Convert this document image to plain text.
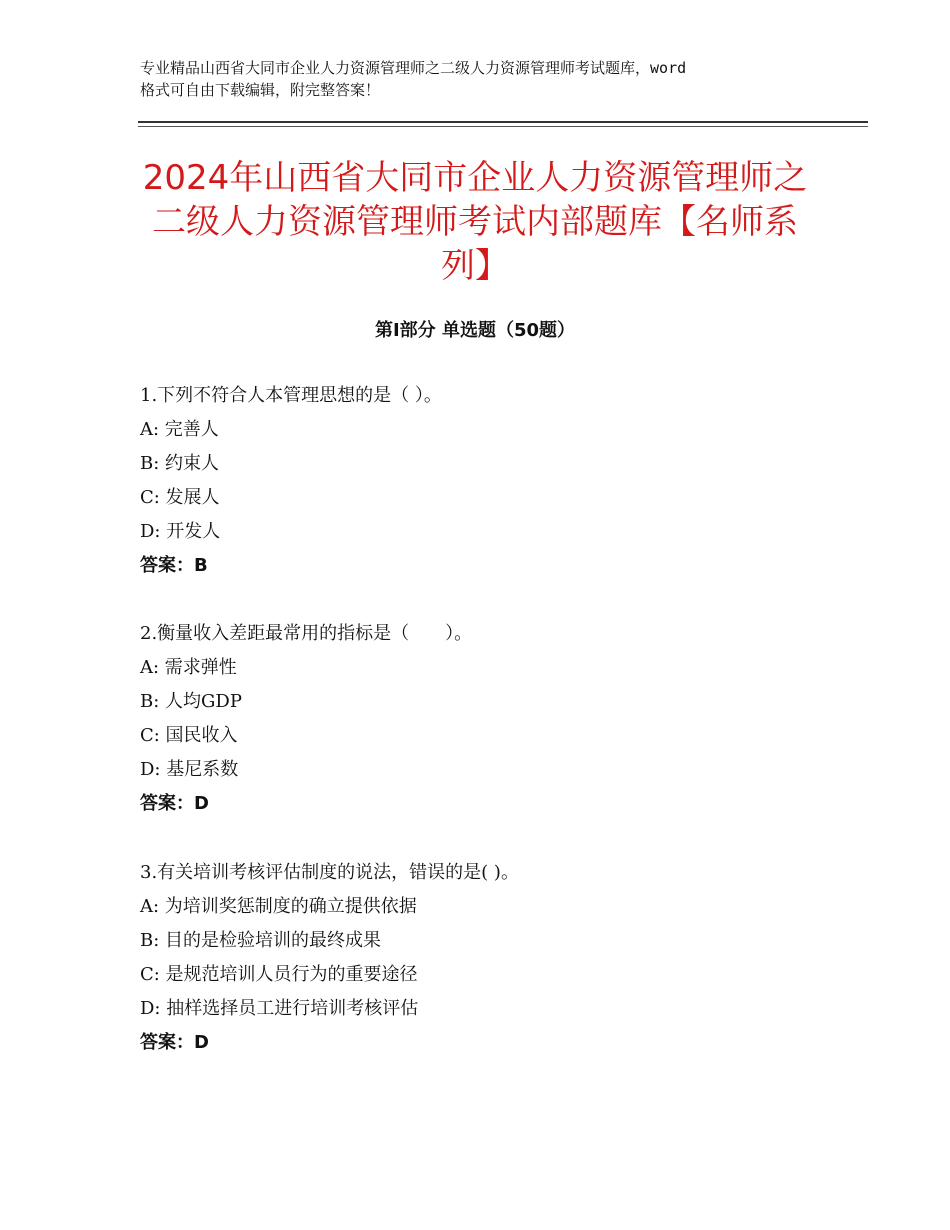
专业精品山西省大同市企业人力资源管理师之二级人力资源管理师考试题库，word
格式可自由下载编辑，附完整答案！
2024年山西省大同市企业人力资源管理师之
二级人力资源管理师考试内部题库【名师系
列】
第Ⅰ部分 单选题（50题）
1.下列不符合人本管理思想的是（ ）。
A: 完善人
B: 约束人
C: 发展人
D: 开发人
答案：B
2.衡量收入差距最常用的指标是（　　）。
A: 需求弹性
B: 人均GDP
C: 国民收入
D: 基尼系数
答案：D
3.有关培训考核评估制度的说法，错误的是( )。
A: 为培训奖惩制度的确立提供依据
B: 目的是检验培训的最终成果
C: 是规范培训人员行为的重要途径
D: 抽样选择员工进行培训考核评估
答案：D
